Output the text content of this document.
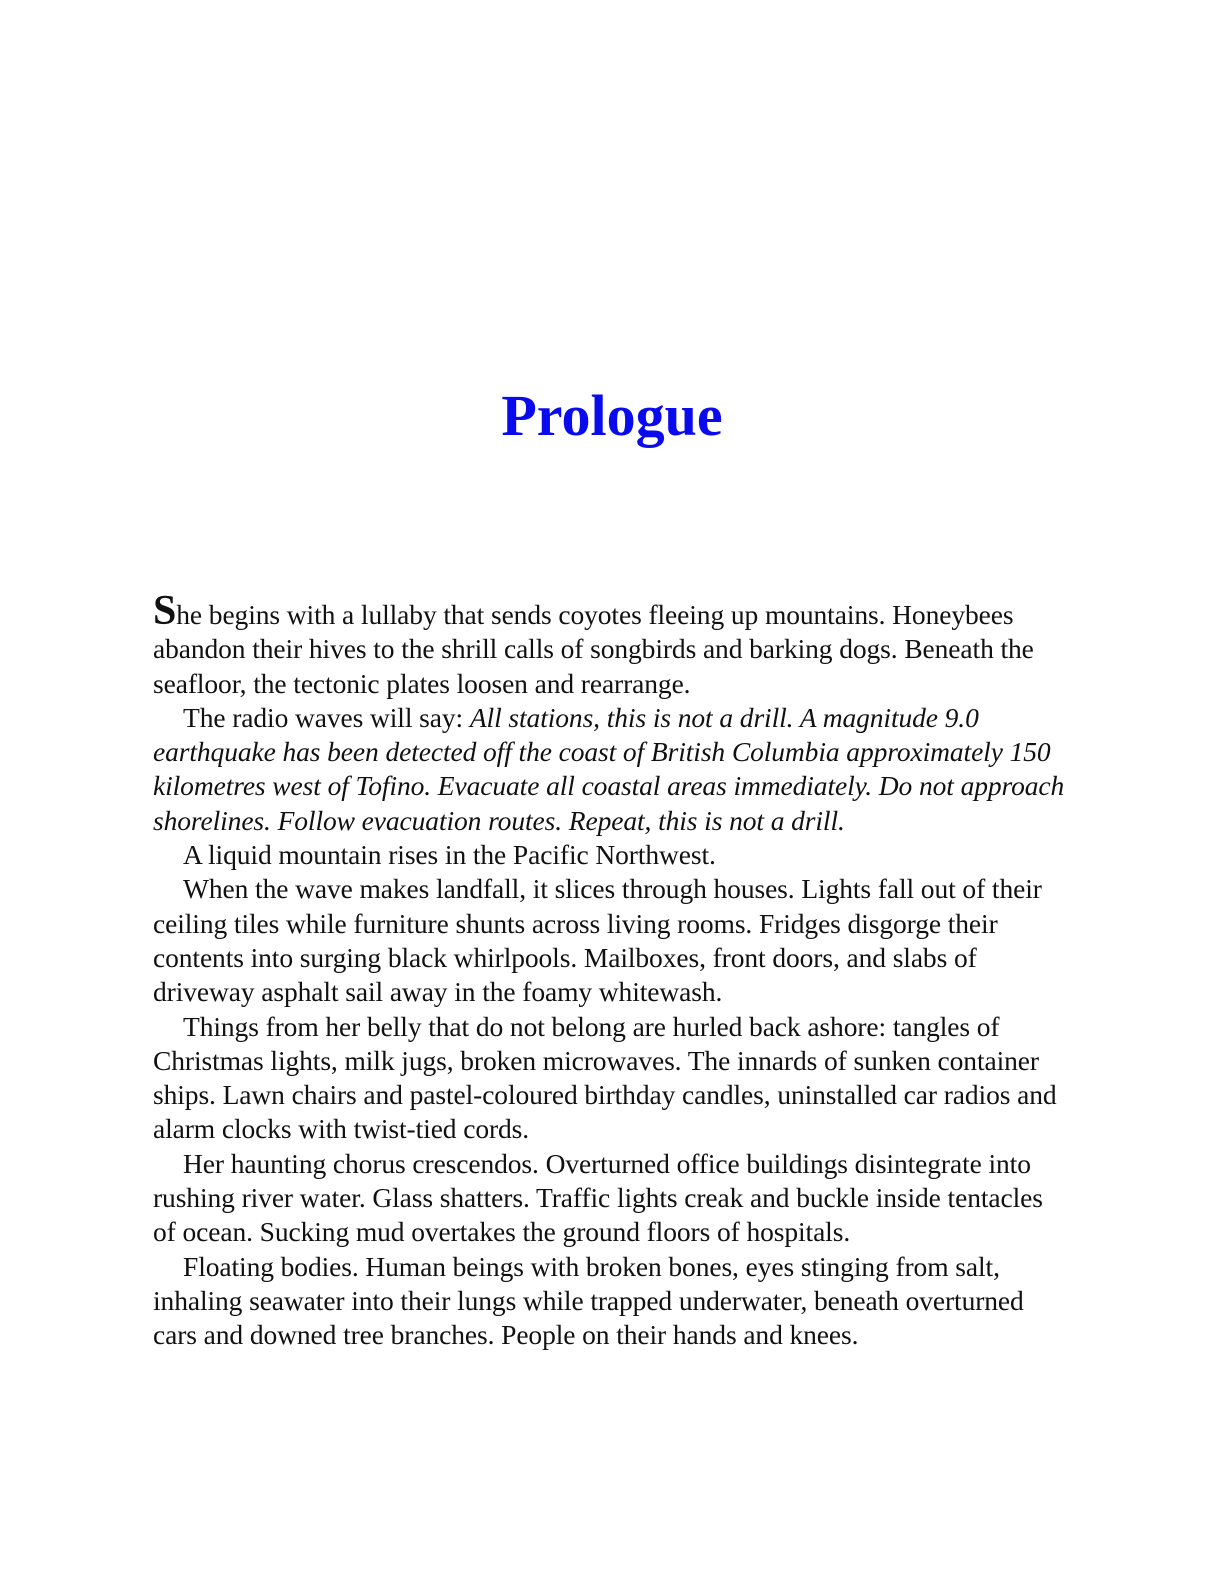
Prologue

She begins with a lullaby that sends coyotes fleeing up mountains. Honeybees abandon their hives to the shrill calls of songbirds and barking dogs. Beneath the seafloor, the tectonic plates loosen and rearrange.

The radio waves will say: All stations, this is not a drill. A magnitude 9.0 earthquake has been detected off the coast of British Columbia approximately 150 kilometres west of Tofino. Evacuate all coastal areas immediately. Do not approach shorelines. Follow evacuation routes. Repeat, this is not a drill.

A liquid mountain rises in the Pacific Northwest.

When the wave makes landfall, it slices through houses. Lights fall out of their ceiling tiles while furniture shunts across living rooms. Fridges disgorge their contents into surging black whirlpools. Mailboxes, front doors, and slabs of driveway asphalt sail away in the foamy whitewash.

Things from her belly that do not belong are hurled back ashore: tangles of Christmas lights, milk jugs, broken microwaves. The innards of sunken container ships. Lawn chairs and pastel-coloured birthday candles, uninstalled car radios and alarm clocks with twist-tied cords.

Her haunting chorus crescendos. Overturned office buildings disintegrate into rushing river water. Glass shatters. Traffic lights creak and buckle inside tentacles of ocean. Sucking mud overtakes the ground floors of hospitals.

Floating bodies. Human beings with broken bones, eyes stinging from salt, inhaling seawater into their lungs while trapped underwater, beneath overturned cars and downed tree branches. People on their hands and knees.
